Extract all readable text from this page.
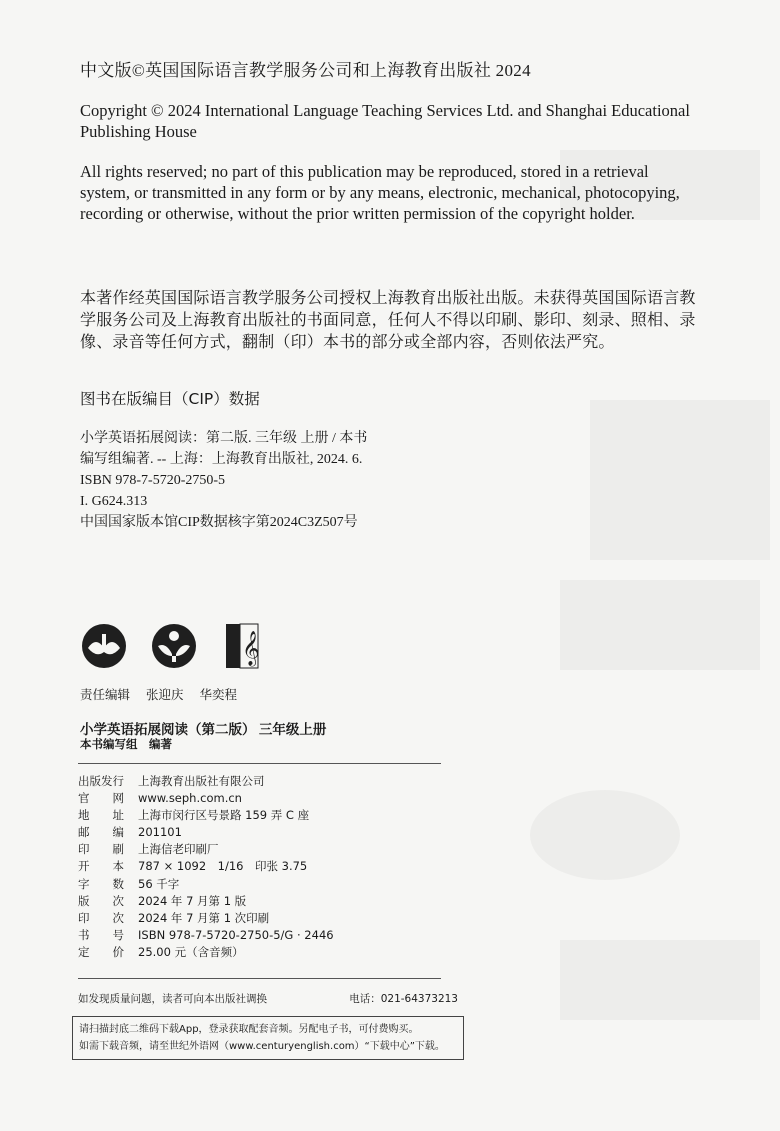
中文版©英国国际语言教学服务公司和上海教育出版社 2024
Copyright © 2024 International Language Teaching Services Ltd. and Shanghai Educational Publishing House
All rights reserved; no part of this publication may be reproduced, stored in a retrieval system, or transmitted in any form or by any means, electronic, mechanical, photocopying, recording or otherwise, without the prior written permission of the copyright holder.
本著作经英国国际语言教学服务公司授权上海教育出版社出版。未获得英国国际语言教学服务公司及上海教育出版社的书面同意，任何人不得以印刷、影印、刻录、照相、录像、录音等任何方式，翻制（印）本书的部分或全部内容，否则依法严究。
图书在版编目（CIP）数据
小学英语拓展阅读：第二版. 三年级 上册 / 本书
编写组编著. -- 上海：上海教育出版社, 2024. 6.
ISBN 978-7-5720-2750-5
I. G624.313
中国国家版本馆CIP数据核字第2024C3Z507号
𝄞
责任编辑 张迎庆 华奕程
小学英语拓展阅读（第二版） 三年级上册
本书编写组　编著
出版发行	上海教育出版社有限公司
官　　网	www.seph.com.cn
地　　址	上海市闵行区号景路 159 弄 C 座
邮　　编	201101
印　　刷	上海信老印刷厂
开　　本	787 × 1092　1/16　印张 3.75
字　　数	56 千字
版　　次	2024 年 7 月第 1 版
印　　次	2024 年 7 月第 1 次印刷
书　　号	ISBN 978-7-5720-2750-5/G · 2446
定　　价	25.00 元（含音频）
如发现质量问题，读者可向本出版社调换	电话：021-64373213
请扫描封底二维码下载App，登录获取配套音频。另配电子书，可付费购买。
如需下载音频，请至世纪外语网（www.centuryenglish.com）“下载中心”下载。
